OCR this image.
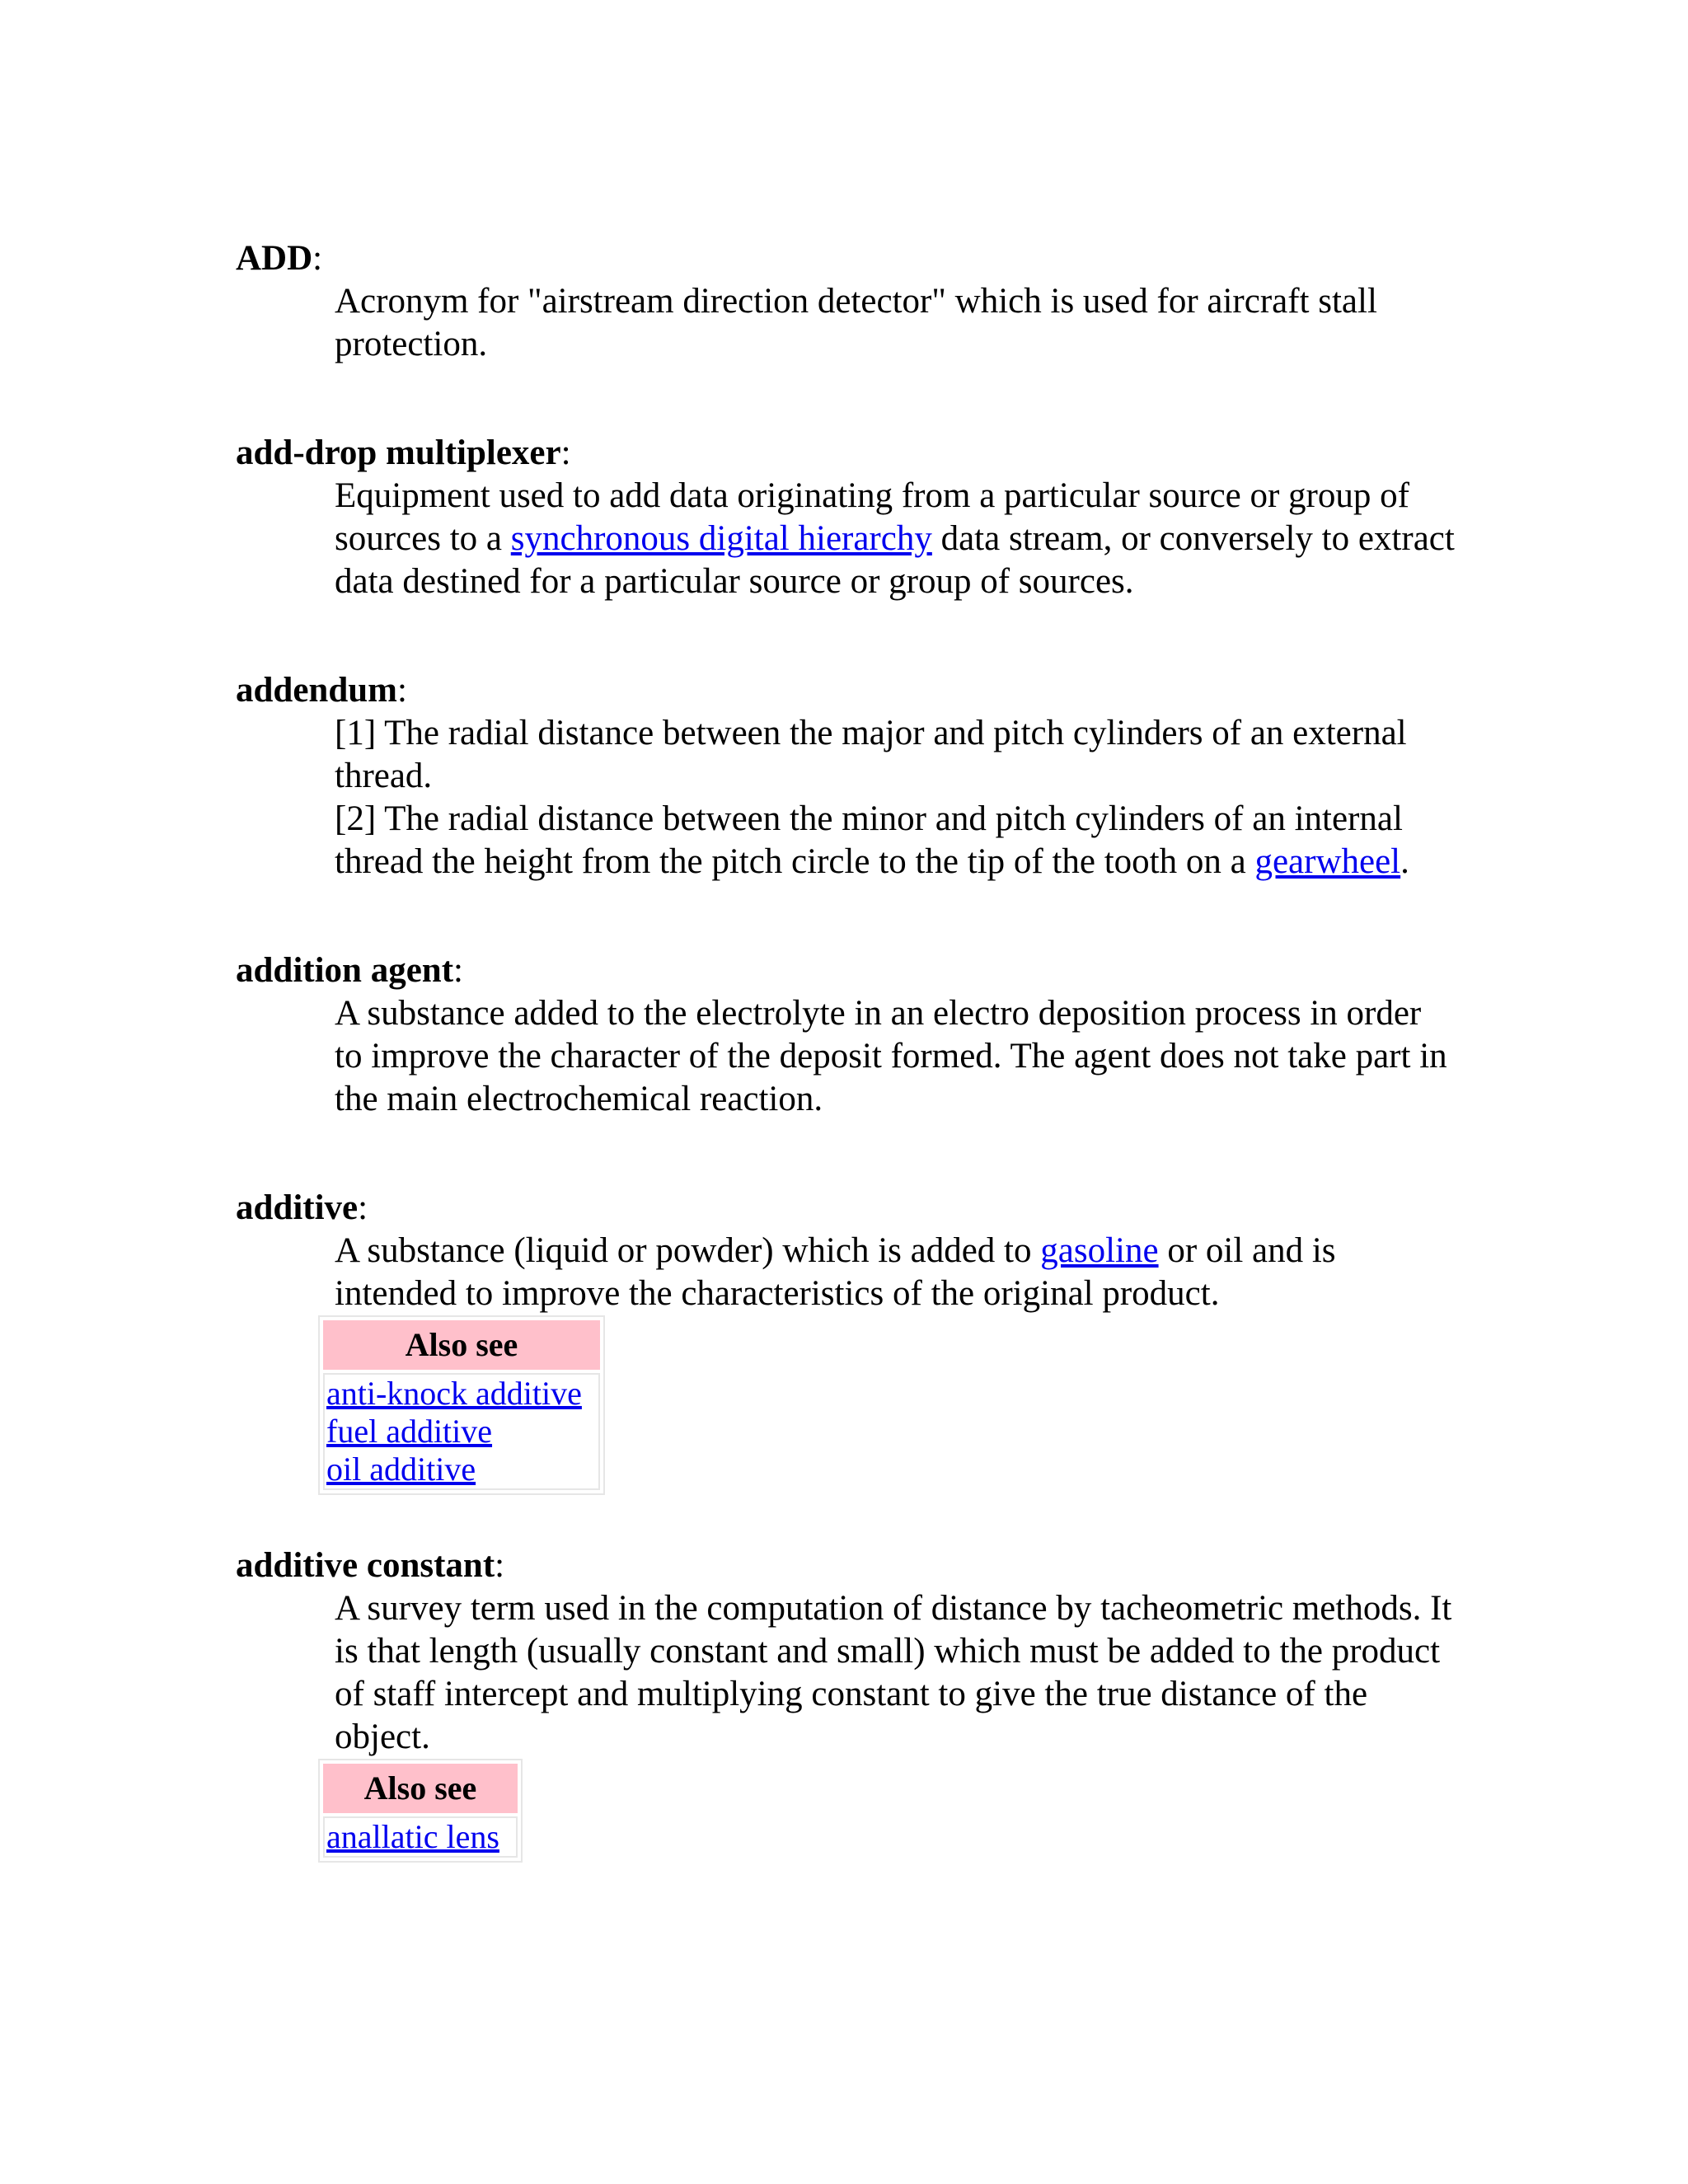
ADD:
Acronym for "airstream direction detector" which is used for aircraft stall protection.
add-drop multiplexer:
Equipment used to add data originating from a particular source or group of sources to a synchronous digital hierarchy data stream, or conversely to extract data destined for a particular source or group of sources.
addendum:
[1] The radial distance between the major and pitch cylinders of an external thread.
[2] The radial distance between the minor and pitch cylinders of an internal thread the height from the pitch circle to the tip of the tooth on a gearwheel.
addition agent:
A substance added to the electrolyte in an electro deposition process in order to improve the character of the deposit formed. The agent does not take part in the main electrochemical reaction.
additive:
A substance (liquid or powder) which is added to gasoline or oil and is intended to improve the characteristics of the original product.
Also see

anti-knock additive
fuel additive
oil additive
additive constant:
A survey term used in the computation of distance by tacheometric methods. It is that length (usually constant and small) which must be added to the product of staff intercept and multiplying constant to give the true distance of the object.
Also see

anallatic lens
